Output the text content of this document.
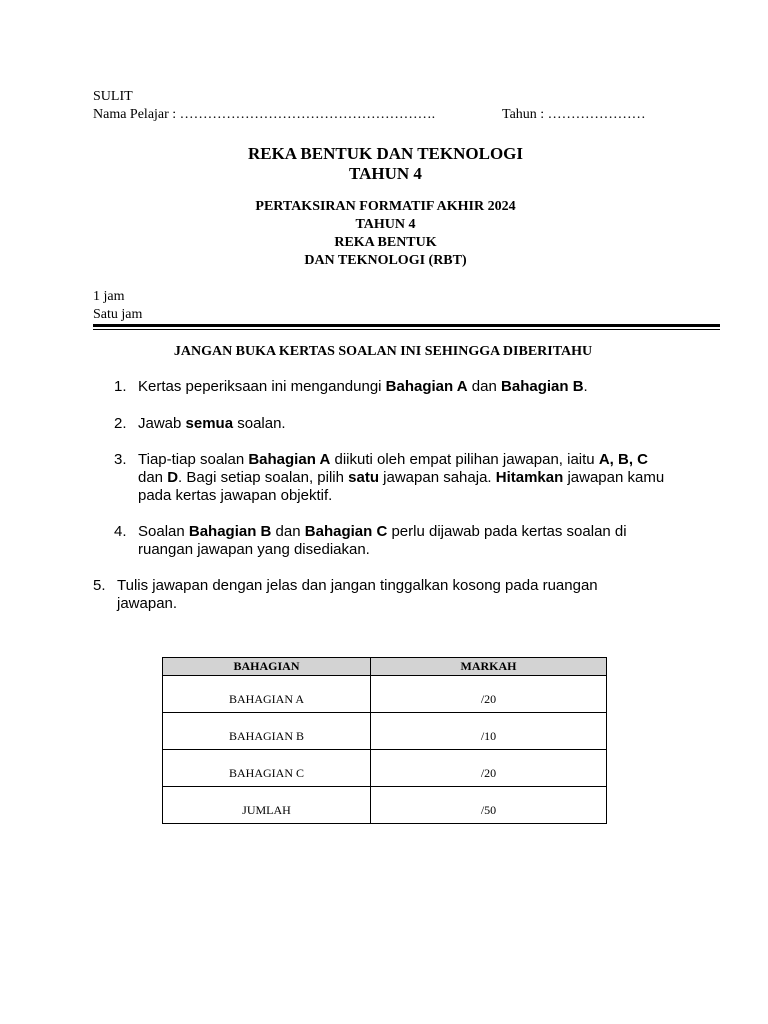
SULIT
Nama Pelajar : ……………………………………………….	Tahun : …………………
REKA BENTUK DAN TEKNOLOGI
TAHUN 4
PERTAKSIRAN FORMATIF AKHIR 2024
TAHUN 4
REKA BENTUK
DAN TEKNOLOGI (RBT)
1 jam
Satu jam
JANGAN BUKA KERTAS SOALAN INI SEHINGGA DIBERITAHU
1. Kertas peperiksaan ini mengandungi Bahagian A dan Bahagian B.
2. Jawab semua soalan.
3. Tiap-tiap soalan Bahagian A diikuti oleh empat pilihan jawapan, iaitu A, B, C
dan D. Bagi setiap soalan, pilih satu jawapan sahaja. Hitamkan jawapan kamu pada kertas jawapan objektif.
4. Soalan Bahagian B dan Bahagian C perlu dijawab pada kertas soalan di ruangan jawapan yang disediakan.
5. Tulis jawapan dengan jelas dan jangan tinggalkan kosong pada ruangan jawapan.
BAHAGIAN	MARKAH
BAHAGIAN A	/20
BAHAGIAN B	/10
BAHAGIAN C	/20
JUMLAH	/50
